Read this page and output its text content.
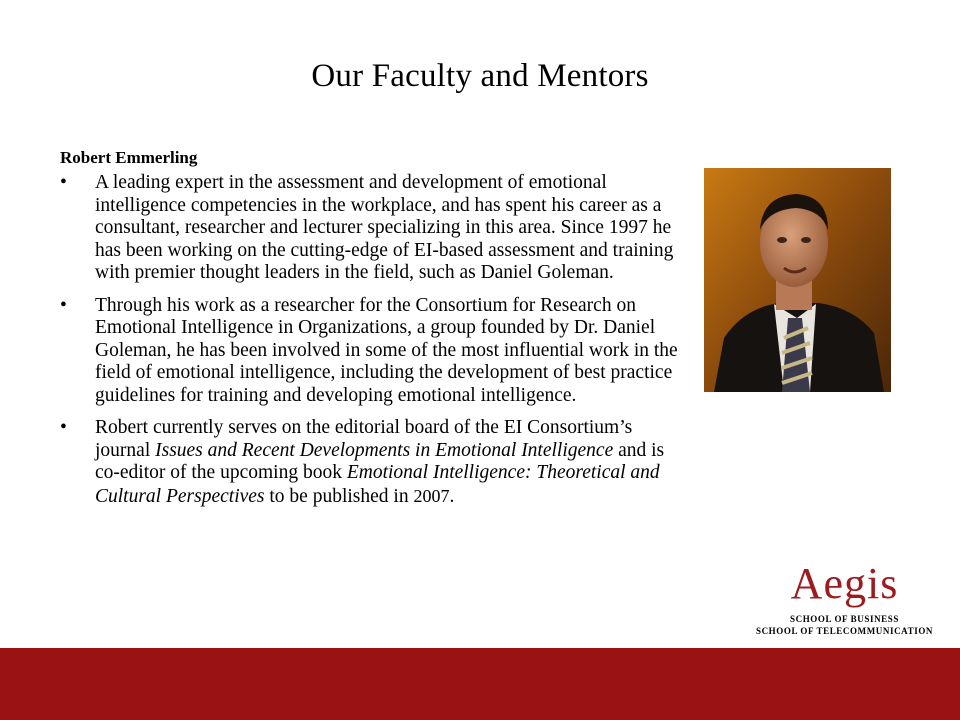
Our Faculty and Mentors
Robert Emmerling
• A leading expert in the assessment and development of emotional intelligence competencies in the workplace, and has spent his career as a consultant, researcher and lecturer specializing in this area. Since 1997 he has been working on the cutting-edge of EI-based assessment and training with premier thought leaders in the field, such as Daniel Goleman.
• Through his work as a researcher for the Consortium for Research on Emotional Intelligence in Organizations, a group founded by Dr. Daniel Goleman, he has been involved in some of the most influential work in the field of emotional intelligence, including the development of best practice guidelines for training and developing emotional intelligence.
• Robert currently serves on the editorial board of the EI Consortium’s journal Issues and Recent Developments in Emotional Intelligence and is co-editor of the upcoming book Emotional Intelligence: Theoretical and Cultural Perspectives to be published in 2007.
Aegis
SCHOOL OF BUSINESS
SCHOOL OF TELECOMMUNICATION
